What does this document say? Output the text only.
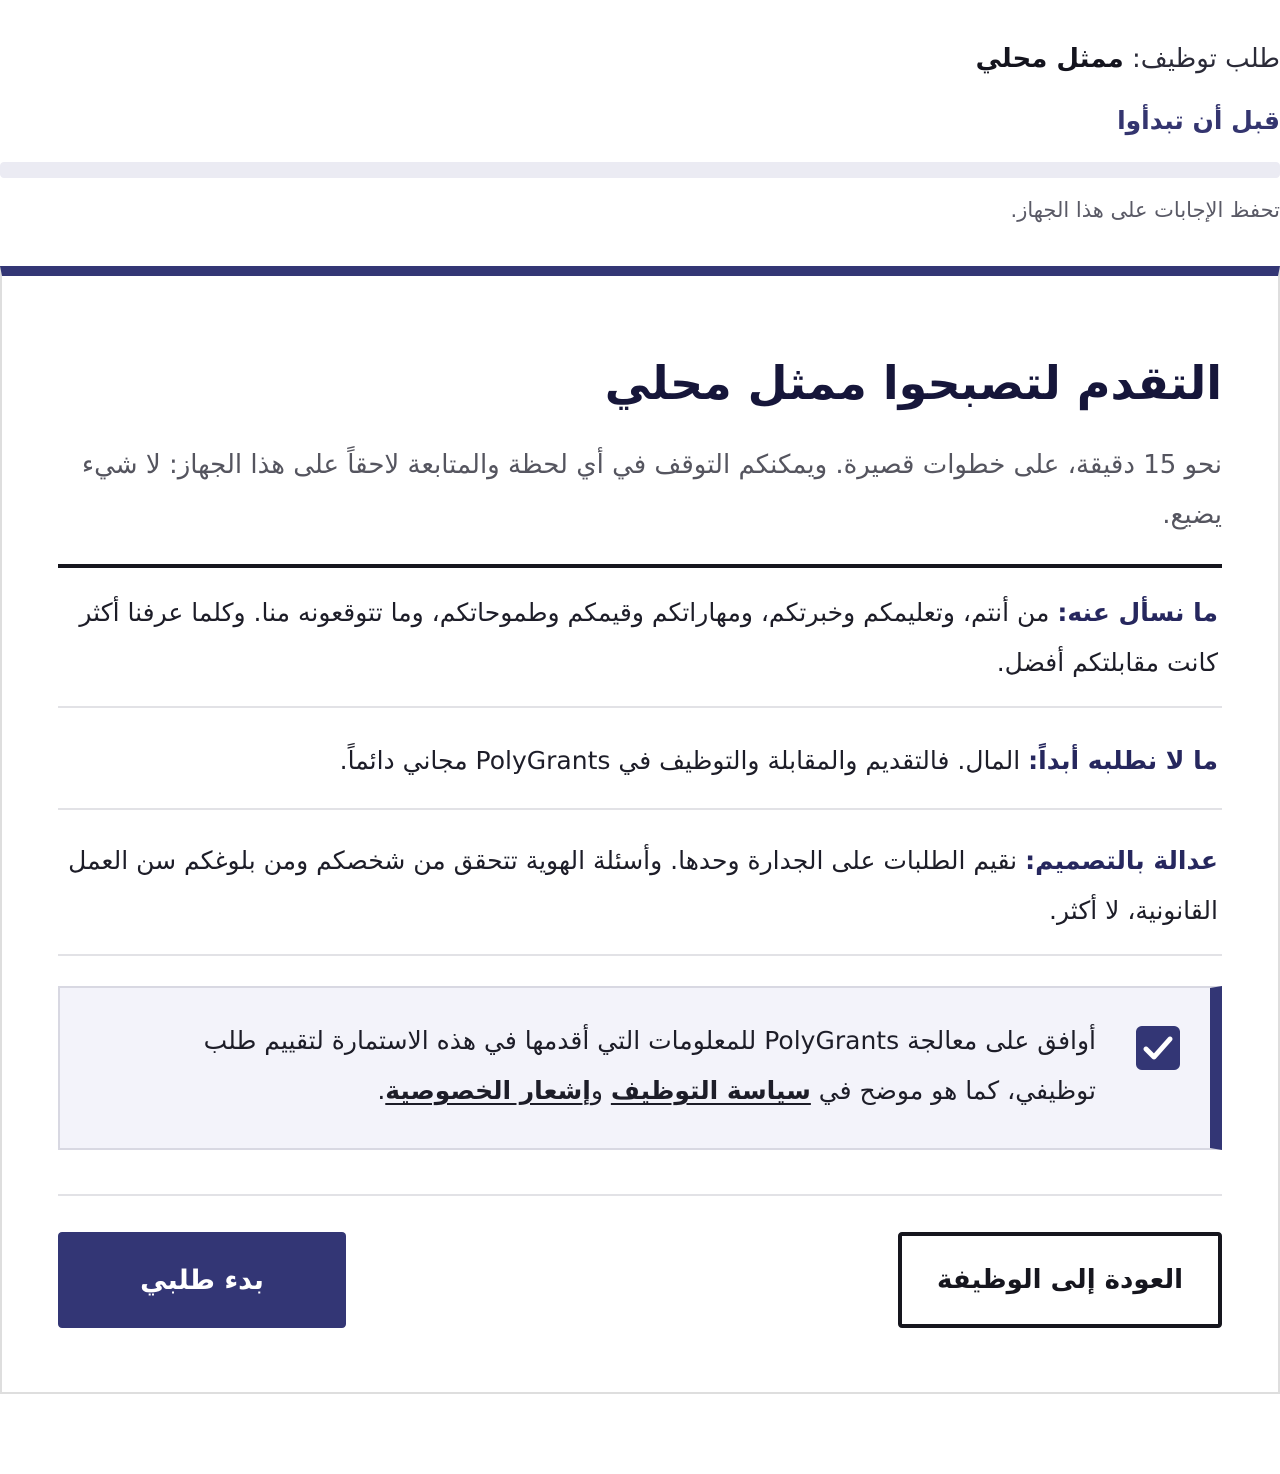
طلب توظيف: ممثل محلي
قبل أن تبدأوا
تحفظ الإجابات على هذا الجهاز.
التقدم لتصبحوا ممثل محلي

نحو 15 دقيقة، على خطوات قصيرة. ويمكنكم التوقف في أي لحظة والمتابعة لاحقاً على هذا الجهاز: لا شيء يضيع.

ما نسأل عنه: من أنتم، وتعليمكم وخبرتكم، ومهاراتكم وقيمكم وطموحاتكم، وما تتوقعونه منا. وكلما عرفنا أكثر كانت مقابلتكم أفضل.

ما لا نطلبه أبداً: المال. فالتقديم والمقابلة والتوظيف في PolyGrants مجاني دائماً.

عدالة بالتصميم: نقيم الطلبات على الجدارة وحدها. وأسئلة الهوية تتحقق من شخصكم ومن بلوغكم سن العمل القانونية، لا أكثر.

أوافق على معالجة PolyGrants للمعلومات التي أقدمها في هذه الاستمارة لتقييم طلب توظيفي، كما هو موضح في سياسة التوظيف وإشعار الخصوصية.

العودة إلى الوظيفة
بدء طلبي
